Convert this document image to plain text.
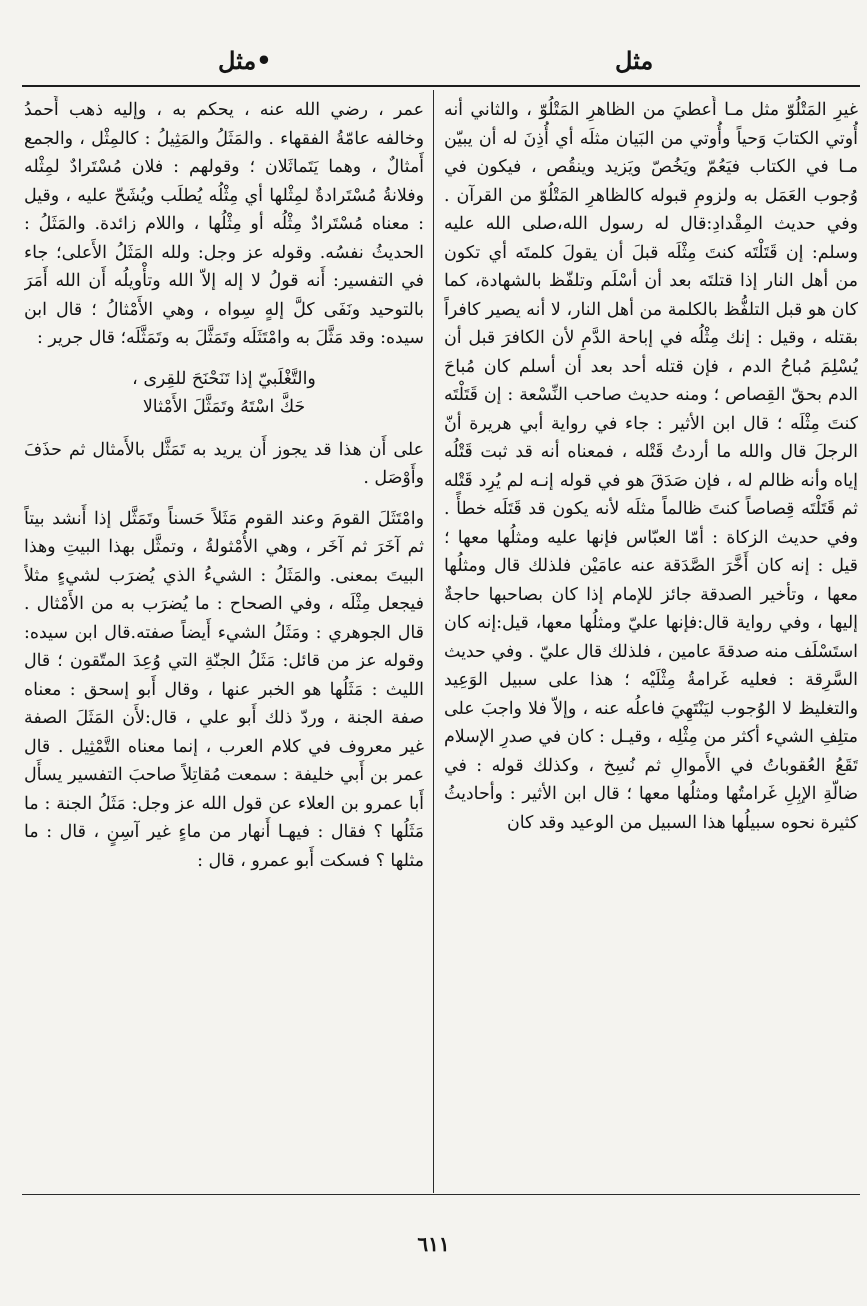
مثل
•مثل

غيرِ المَتْلُوّ مثل مـا أُعطيَ من الظاهرِ المَتْلُوّ ، والثاني أنه أُوتي الكتابَ وَحياً وأُوتي من البَيان مثلَه أي أُذِنَ له أن يبيّن مـا في الكتاب فيَعُمّ ويَخُصّ ويَزيد وينقُص ، فيكون في وُجوب العَمَل به ولزومِ قبوله كالظاهرِ المَتْلُوّ من القرآن . وفي حديث المِقْدادِ:قال له رسول الله،صلى الله عليه وسلم: إن قَتَلْتَه كنتَ مِثْلَه قبلَ أن يقولَ كلمتَه أي تكون من أهل النار إذا قتلتَه بعد أن أسْلَم وتلفّظ بالشهادة، كما كان هو قبل التلفُّظ بالكلمة من أهل النار، لا أنه يصير كافراً بقتله ، وقيل : إنك مِثْلُه في إباحة الدَّمِ لأن الكافرَ قبل أن يُسْلِمَ مُباحُ الدم ، فإن قتله أحد بعد أن أسلم كان مُباحَ الدم بحقّ القِصاص ؛ ومنه حديث صاحب النِّسْعة : إن قَتَلْتَه كنتَ مِثْلَه ؛ قال ابن الأثير : جاء في رواية أبي هريرة أنّ الرجلَ قال والله ما أردتُ قَتْله ، فمعناه أنه قد ثبت قَتْلُه إياه وأنه ظالم له ، فإن صَدَقَ هو في قوله إنـه لم يُرِد قَتْله ثم قَتَلْتَه قِصاصاً كنتَ ظالماً مثلَه لأنه يكون قد قَتَلَه خطأً . وفي حديث الزكاة : أمّا العبّاس فإنها عليه ومثلُها معها ؛ قيل : إنه كان أَخَّرَ الصَّدَقة عنه عامَيْن فلذلك قال ومثلُها معها ، وتأخير الصدقة جائز للإمام إذا كان بصاحبها حاجةٌ إليها ، وفي رواية قال:فإنها عليّ ومثلُها معها، قيل:إنه كان استَسْلَف منه صدقةَ عامين ، فلذلك قال عليّ . وفي حديث السَّرِقة : فعليه غَرامةُ مِثْلَيْه ؛ هذا على سبيل الوَعِيد والتغليظ لا الوُجوب ليَنْتَهِيَ فاعلُه عنه ، وإلاّ فلا واجبَ على متلِفِ الشيء أكثر من مِثْلِه ، وقيـل : كان في صدرِ الإسلام تَقَعُ العُقوباتُ في الأَموالِ ثم نُسِخ ، وكذلك قوله : في ضالّةِ الإبِلِ غَرامتُها ومثلُها معها ؛ قال ابن الأثير : وأحاديثُ كثيرة نحوه سبيلُها هذا السبيل من الوعيد وقد كان

عمر ، رضي الله عنه ، يحكم به ، وإليه ذهب أَحمدُ وخالفه عامّةُ الفقهاء . والمَثَلُ والمَثِيلُ : كالمِثْل ، والجمع أَمثالٌ ، وهما يَتَماثَلان ؛ وقولهم : فلان مُسْتَرادٌ لمِثْله وفلانةُ مُسْتَرادةٌ لمِثْلها أي مِثْلُه يُطلَب ويُشَحّ عليه ، وقيل : معناه مُسْتَرادٌ مِثْلُه أو مِثْلُها ، واللام زائدة. والمَثَلُ : الحديثُ نفسُه. وقوله عز وجل: ولله المَثَلُ الأَعلى؛ جاء في التفسير: أَنه قولُ لا إله إلاّ الله وتأْويلُه أَن الله أَمَرَ بالتوحيد ونَفَى كلَّ إلهٍ سِواه ، وهي الأَمْثالُ ؛ قال ابن سيده: وقد مَثَّلَ به وامْتَثَلَه وتَمَثَّلَ به وتَمَثَّلَه؛ قال جرير :

والتَّغْلَبيّ إذا تَنَحْنَحَ للقِرى ،
حَكَّ اسْتَهُ وتَمَثَّلَ الأَمْثالا

على أَن هذا قد يجوز أَن يريد به تَمَثَّل بالأَمثال ثم حذَفَ وأَوْصَل .

وامْتَثَلَ القومَ وعند القوم مَثَلاً حَسناً وتَمَثَّل إذا أَنشد بيتاً ثم آخَرَ ثم آخَر ، وهي الأُمْثولةُ ، وتمثَّل بهذا البيتِ وهذا البيتَ بمعنى. والمَثَلُ : الشيءُ الذي يُضرَب لشيءٍ مثلاً فيجعل مِثْلَه ، وفي الصحاح : ما يُضرَب به من الأَمْثال . قال الجوهري : ومَثَلُ الشيء أَيضاً صفته.قال ابن سيده: وقوله عز من قائل: مَثَلُ الجنّةِ التي وُعِدَ المتّقون ؛ قال الليث : مَثَلُها هو الخبر عنها ، وقال أَبو إسحق : معناه صفة الجنة ، وردّ ذلك أَبو علي ، قال:لأَن المَثَلَ الصفة غير معروف في كلام العرب ، إنما معناه التَّمْثِيل . قال عمر بن أَبي خليفة : سمعت مُقاتِلاً صاحبَ التفسير يسأَل أَبا عمرو بن العلاء عن قول الله عز وجل: مَثَلُ الجنة : ما مَثَلُها ؟ فقال : فيهـا أَنهار من ماءٍ غير آسِنٍ ، قال : ما مثلها ؟ فسكت أَبو عمرو ، قال :

٦١١
